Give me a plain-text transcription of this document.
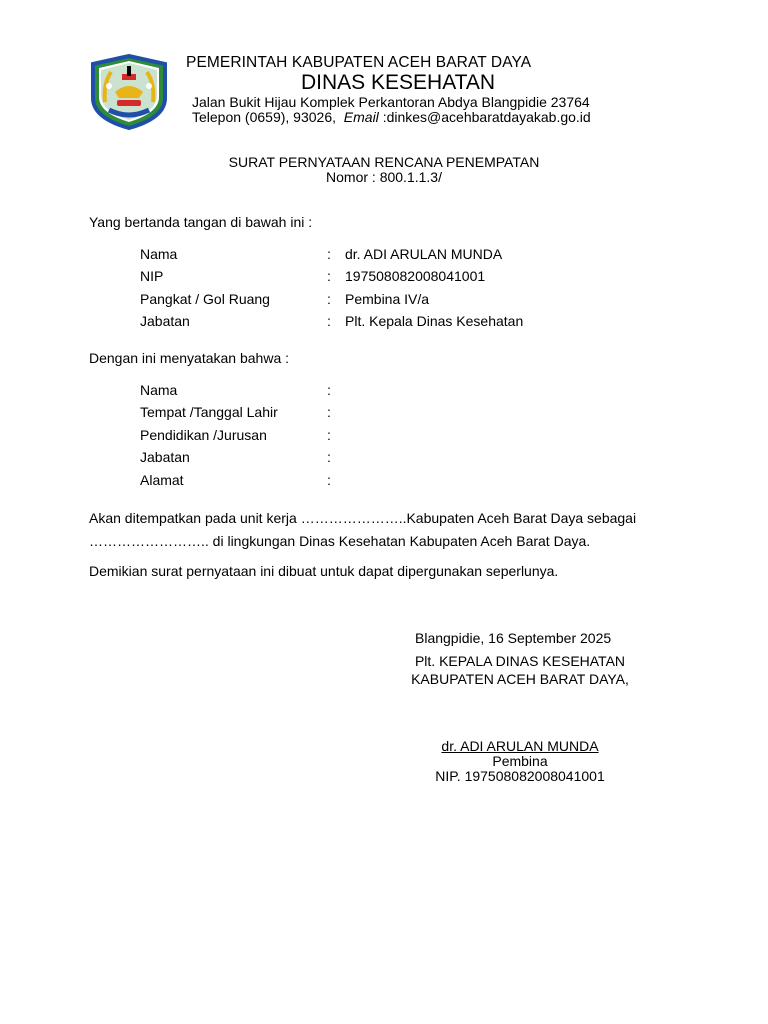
PEMERINTAH KABUPATEN ACEH BARAT DAYA
DINAS KESEHATAN
Jalan Bukit Hijau Komplek Perkantoran Abdya Blangpidie 23764
Telepon (0659), 93026, Email :dinkes@acehbaratdayakab.go.id
SURAT PERNYATAAN RENCANA PENEMPATAN
Nomor : 800.1.1.3/
Yang bertanda tangan di bawah ini :
Nama	: dr. ADI ARULAN MUNDA
NIP	: 197508082008041001
Pangkat / Gol Ruang	: Pembina IV/a
Jabatan	: Plt. Kepala Dinas Kesehatan
Dengan ini menyatakan bahwa :
Nama	:
Tempat /Tanggal Lahir	:
Pendidikan /Jurusan	:
Jabatan	:
Alamat	:
Akan ditempatkan pada unit kerja …………………..Kabupaten Aceh Barat Daya sebagai
…………………….. di lingkungan Dinas Kesehatan Kabupaten Aceh Barat Daya.
Demikian surat pernyataan ini dibuat untuk dapat dipergunakan seperlunya.
Blangpidie, 16 September 2025
Plt. KEPALA DINAS KESEHATAN
KABUPATEN ACEH BARAT DAYA,
dr. ADI ARULAN MUNDA
Pembina
NIP. 197508082008041001
